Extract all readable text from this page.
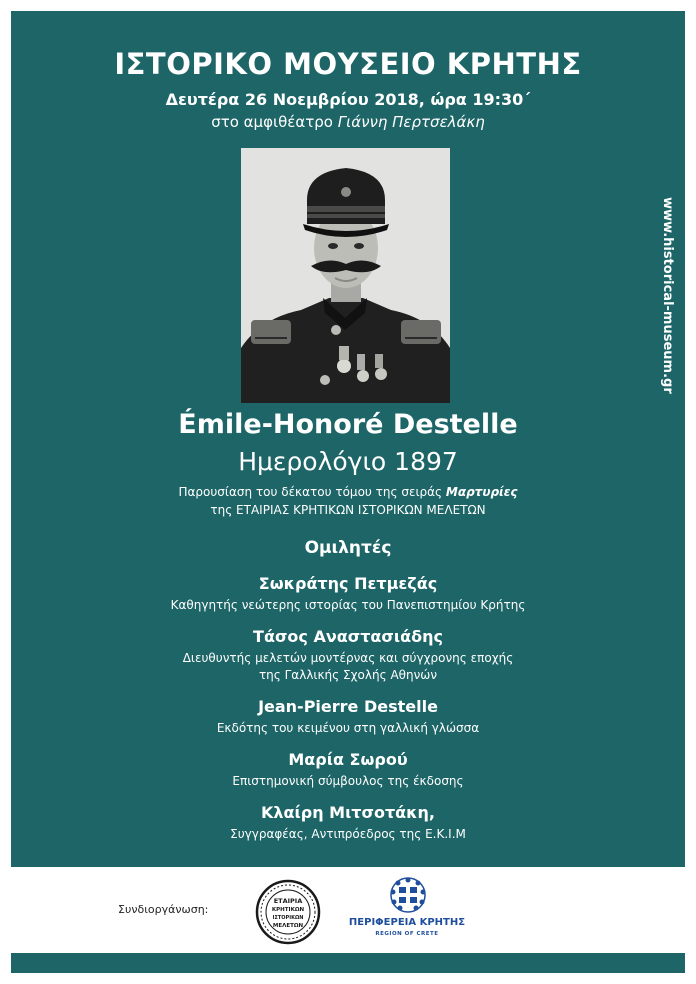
ΙΣΤΟΡΙΚΟ ΜΟΥΣΕΙΟ ΚΡΗΤΗΣ
Δευτέρα 26 Νοεμβρίου 2018, ώρα 19:30΄
στο αμφιθέατρο Γιάννη Περτσελάκη
Émile-Honoré Destelle
Ημερολόγιο 1897
Παρουσίαση του δέκατου τόμου της σειράς Μαρτυρίες
της ΕΤΑΙΡΙΑΣ ΚΡΗΤΙΚΩΝ ΙΣΤΟΡΙΚΩΝ ΜΕΛΕΤΩΝ
Ομιλητές
Σωκράτης Πετμεζάς
Καθηγητής νεώτερης ιστορίας του Πανεπιστημίου Κρήτης
Τάσος Αναστασιάδης
Διευθυντής μελετών μοντέρνας και σύγχρονης εποχής
της Γαλλικής Σχολής Αθηνών
Jean-Pierre Destelle
Εκδότης του κειμένου στη γαλλική γλώσσα
Μαρία Σωρού
Επιστημονική σύμβουλος της έκδοσης
Κλαίρη Μιτσοτάκη,
Συγγραφέας, Αντιπρόεδρος της Ε.Κ.Ι.Μ
www.historical-museum.gr
Συνδιοργάνωση:
ΕΤΑΙΡΙΑ
ΚΡΗΤΙΚΩΝ
ΙΣΤΟΡΙΚΩΝ
ΜΕΛΕΤΩΝ	ΠΕΡΙΦΕΡΕΙΑ ΚΡΗΤΗΣ
REGION OF CRETE
